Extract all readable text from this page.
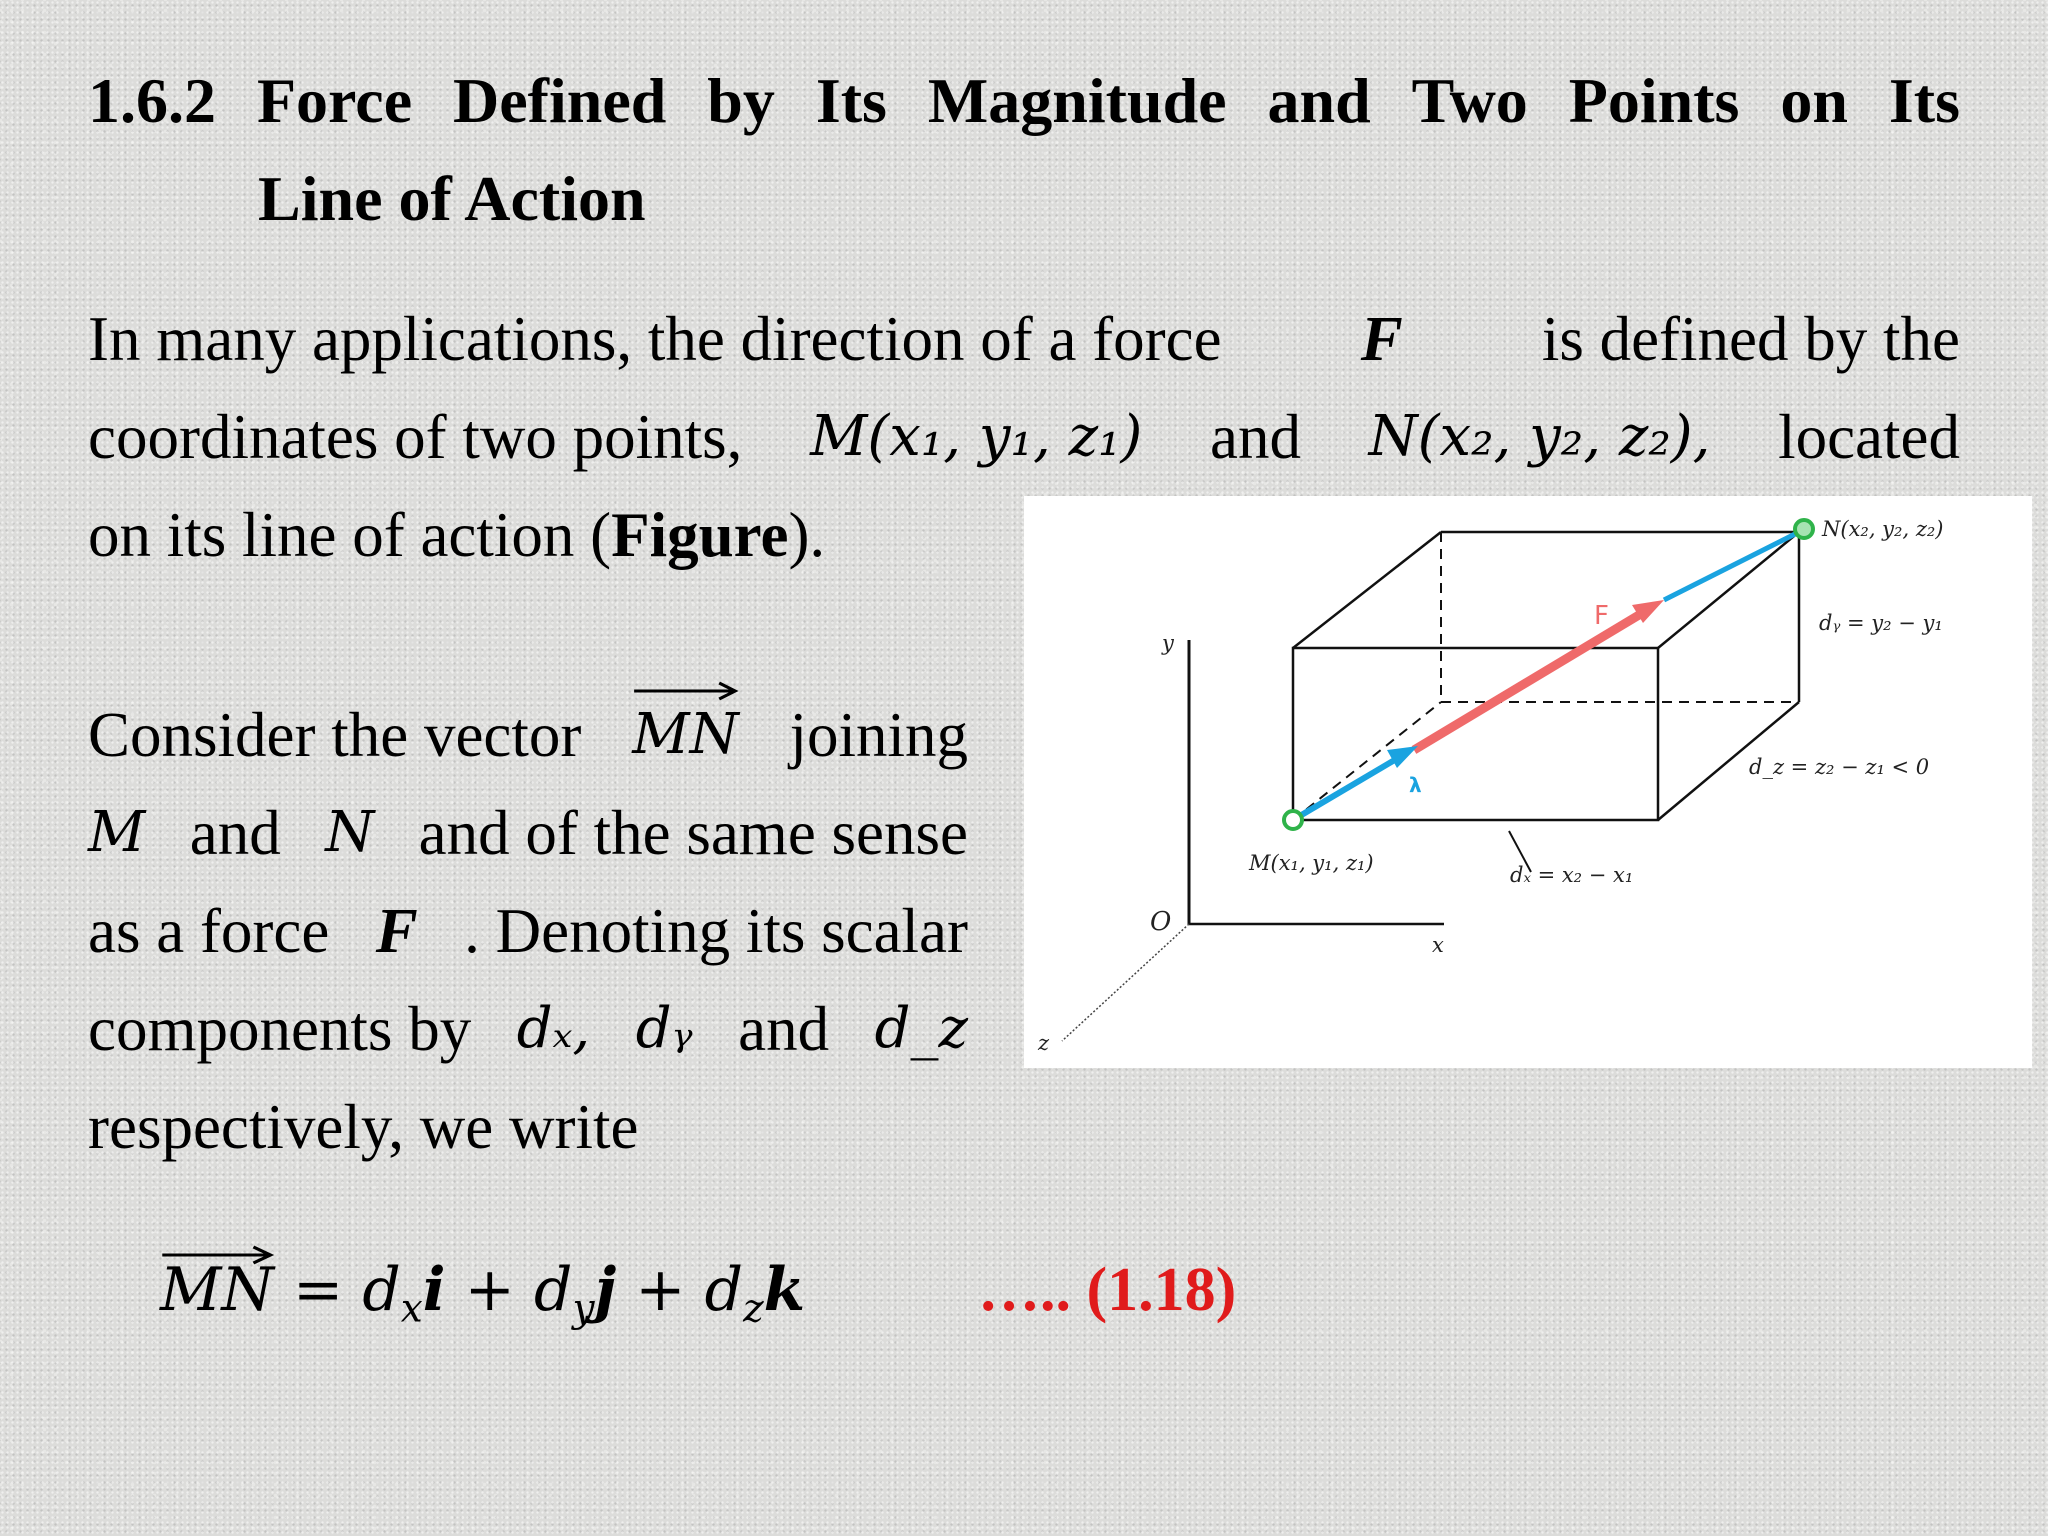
1.6.2 Force Defined by Its Magnitude and Two Points on Its
Line of Action
In many applications, the direction of a force F is defined by the
coordinates of two points, M(x₁, y₁, z₁) and N(x₂, y₂, z₂), located
on its line of action ( Figure ).
Consider the vector MN joining
M and N and of the same sense
as a force F . Denoting its scalar
components by dₓ, dᵧ and d_z
respectively, we write
MN = $d_xi + d_yj + d_zk$	….. (1.18)
N(x₂, y₂, z₂)
dᵧ = y₂ − y₁
d_z = z₂ − z₁ < 0
M(x₁, y₁, z₁)	dₓ = x₂ − x₁
F
λ
y
x
z
O
